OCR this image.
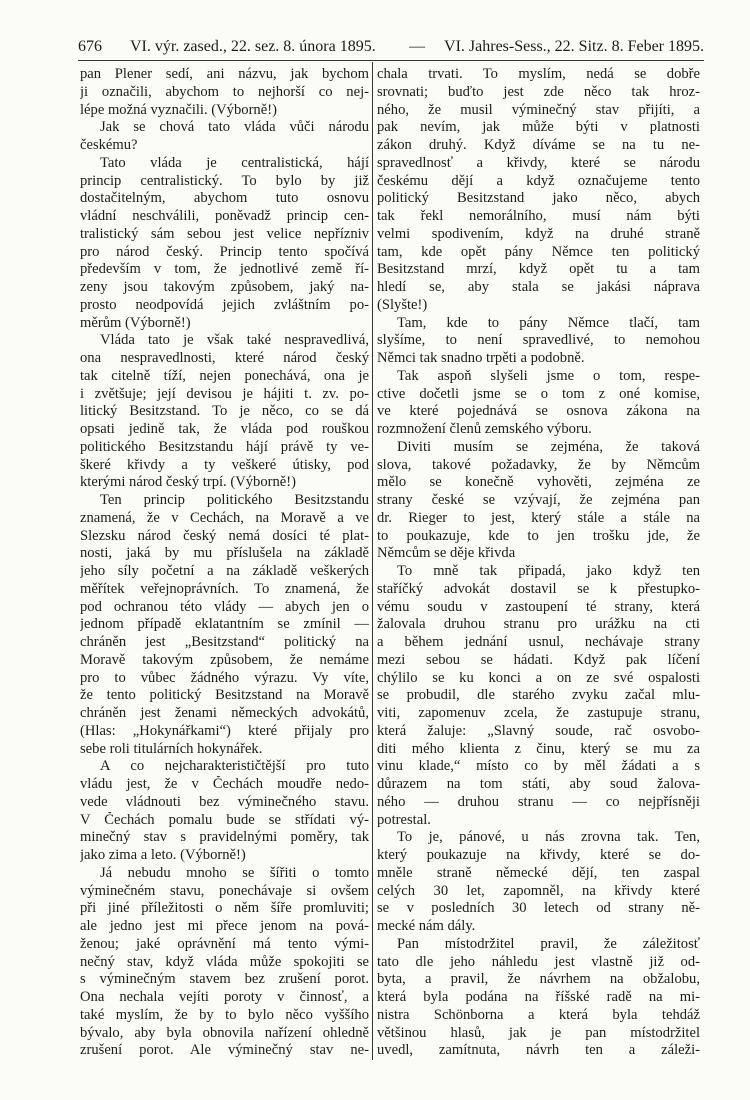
676	VI. výr. zased., 22. sez. 8. února 1895.	—	VI. Jahres-Sess., 22. Sitz. 8. Feber 1895.
pan Plener sedí, ani názvu, jak bychom
ji označili, abychom to nejhorší co nej-
lépe možná vyznačili. (Výborně!)
Jak se chová tato vláda vůči národu
českému?
Tato vláda je centralistická, hájí
princip centralistický. To bylo by již
dostačitelným, abychom tuto osnovu
vládní neschválili, poněvadž princip cen-
tralistický sám sebou jest velice nepřízniv
pro národ český. Princip tento spočívá
především v tom, že jednotlivé země ří-
zeny jsou takovým způsobem, jaký na-
prosto neodpovídá jejich zvláštním po-
měrům (Výborně!)
Vláda tato je však také nespravedlivá,
ona nespravedlnosti, které národ český
tak citelně tíží, nejen ponechává, ona je
i zvětšuje; její devisou je hájiti t. zv. po-
litický Besitzstand. To je něco, co se dá
opsati jedině tak, že vláda pod rouškou
politického Besitzstandu hájí právě ty ve-
škeré křivdy a ty veškeré útisky, pod
kterými národ český trpí. (Výborně!)
Ten princip politického Besitzstandu
znamená, že v Cechách, na Moravě a ve
Slezsku národ český nemá dosíci té plat-
nosti, jaká by mu příslušela na základě
jeho síly početní a na základě veškerých
měřítek veřejnoprávních. To znamená, že
pod ochranou této vlády — abych jen o
jednom případě eklatantním se zmínil —
chráněn jest „Besitzstand“ politický na
Moravě takovým způsobem, že nemáme
pro to vůbec žádného výrazu. Vy víte,
že tento politický Besitzstand na Moravě
chráněn jest ženami německých advokátů,
(Hlas: „Hokynářkami“) které přijaly pro
sebe roli titulárních hokynářek.
A co nejcharakterističtější pro tuto
vládu jest, že v Čechách moudře nedo-
vede vládnouti bez výminečného stavu.
V Čechách pomalu bude se střídati vý-
minečný stav s pravidelnými poměry, tak
jako zima a leto. (Výborně!)
Já nebudu mnoho se šířiti o tomto
výminečném stavu, ponechávaje si ovšem
při jiné příležitosti o něm šíře promluviti;
ale jedno jest mi přece jenom na pová-
ženou; jaké oprávnění má tento vými-
nečný stav, když vláda může spokojiti se
s výminečným stavem bez zrušení porot.
Ona nechala vejíti poroty v činnosť, a
také myslím, že by to bylo něco vyššího
bývalo, aby byla obnovila nařízení ohledně
zrušení porot. Ale výminečný stav ne-
chala trvati. To myslím, nedá se dobře
srovnati; buďto jest zde něco tak hroz-
ného, že musil výminečný stav přijíti, a
pak nevím, jak může býti v platnosti
zákon druhý. Když díváme se na tu ne-
spravedlnosť a křivdy, které se národu
českému dějí a když označujeme tento
politický Besitzstand jako něco, abych
tak řekl nemorálního, musí nám býti
velmi spodivením, když na druhé straně
tam, kde opět pány Němce ten politický
Besitzstand mrzí, když opět tu a tam
hledí se, aby stala se jakási náprava
(Slyšte!)
Tam, kde to pány Němce tlačí, tam
slyšíme, to není spravedlivé, to nemohou
Němci tak snadno trpěti a podobně.
Tak aspoň slyšeli jsme o tom, respe-
ctive dočetli jsme se o tom z oné komise,
ve které pojednává se osnova zákona na
rozmnožení členů zemského výboru.
Diviti musím se zejména, že taková
slova, takové požadavky, že by Němcům
mělo se konečně vyhověti, zejména ze
strany české se vzývají, že zejména pan
dr. Rieger to jest, který stále a stále na
to poukazuje, kde to jen trošku jde, že
Němcům se děje křivda
To mně tak připadá, jako když ten
staříčký advokát dostavil se k přestupko-
vému soudu v zastoupení té strany, která
žalovala druhou stranu pro urážku na cti
a během jednání usnul, nechávaje strany
mezi sebou se hádati. Když pak líčení
chýlilo se ku konci a on ze své ospalosti
se probudil, dle starého zvyku začal mlu-
viti, zapomenuv zcela, že zastupuje stranu,
která žaluje: „Slavný soude, rač osvobo-
diti mého klienta z činu, který se mu za
vinu klade,“ místo co by měl žádati a s
důrazem na tom státi, aby soud žalova-
ného — druhou stranu — co nejpřísněji
potrestal.
To je, pánové, u nás zrovna tak. Ten,
který poukazuje na křivdy, které se do-
mněle straně německé dějí, ten zaspal
celých 30 let, zapomněl, na křivdy které
se v posledních 30 letech od strany ně-
mecké nám dály.
Pan místodržitel pravil, že záležitosť
tato dle jeho náhledu jest vlastně již od-
byta, a pravil, že návrhem na obžalobu,
která byla podána na říšské radě na mi-
nistra Schönborna a která byla tehdáž
většinou hlasů, jak je pan místodržitel
uvedl, zamítnuta, návrh ten a záleži-
